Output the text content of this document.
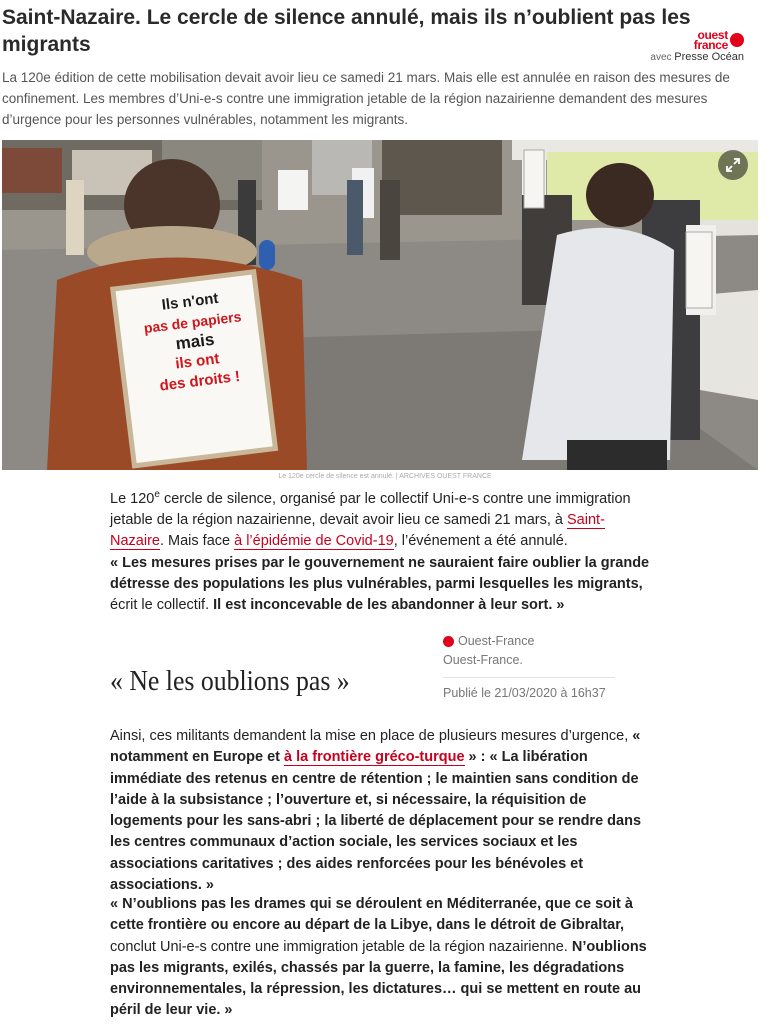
Saint-Nazaire. Le cercle de silence annulé, mais ils n’oublient pas les migrants	ouest
france
avec Presse Océan

La 120e édition de cette mobilisation devait avoir lieu ce samedi 21 mars. Mais elle est annulée en raison des mesures de confinement. Les membres d’Uni-e-s contre une immigration jetable de la région nazairienne demandent des mesures d’urgence pour les personnes vulnérables, notamment les migrants.

Ils n'ont
pas de papiers
mais
ils ont
des droits !
Le 120e cercle de silence est annulé. | ARCHIVES OUEST FRANCE

Le 120e cercle de silence, organisé par le collectif Uni-e-s contre une immigration jetable de la région nazairienne, devait avoir lieu ce samedi 21 mars, à Saint-Nazaire. Mais face à l’épidémie de Covid-19, l’événement a été annulé.
« Les mesures prises par le gouvernement ne sauraient faire oublier la grande détresse des populations les plus vulnérables, parmi lesquelles les migrants, écrit le collectif. Il est inconcevable de les abandonner à leur sort. »

« Ne les oublions pas »
Ouest-France
Ouest-France.
Publié le 21/03/2020 à 16h37

Ainsi, ces militants demandent la mise en place de plusieurs mesures d’urgence, « notamment en Europe et à la frontière gréco-turque » : « La libération immédiate des retenus en centre de rétention ; le maintien sans condition de l’aide à la subsistance ; l’ouverture et, si nécessaire, la réquisition de logements pour les sans-abri ; la liberté de déplacement pour se rendre dans les centres communaux d’action sociale, les services sociaux et les associations caritatives ; des aides renforcées pour les bénévoles et associations. »

« N’oublions pas les drames qui se déroulent en Méditerranée, que ce soit à cette frontière ou encore au départ de la Libye, dans le détroit de Gibraltar, conclut Uni-e-s contre une immigration jetable de la région nazairienne. N’oublions pas les migrants, exilés, chassés par la guerre, la famine, les dégradations environnementales, la répression, les dictatures… qui se mettent en route au péril de leur vie. »
